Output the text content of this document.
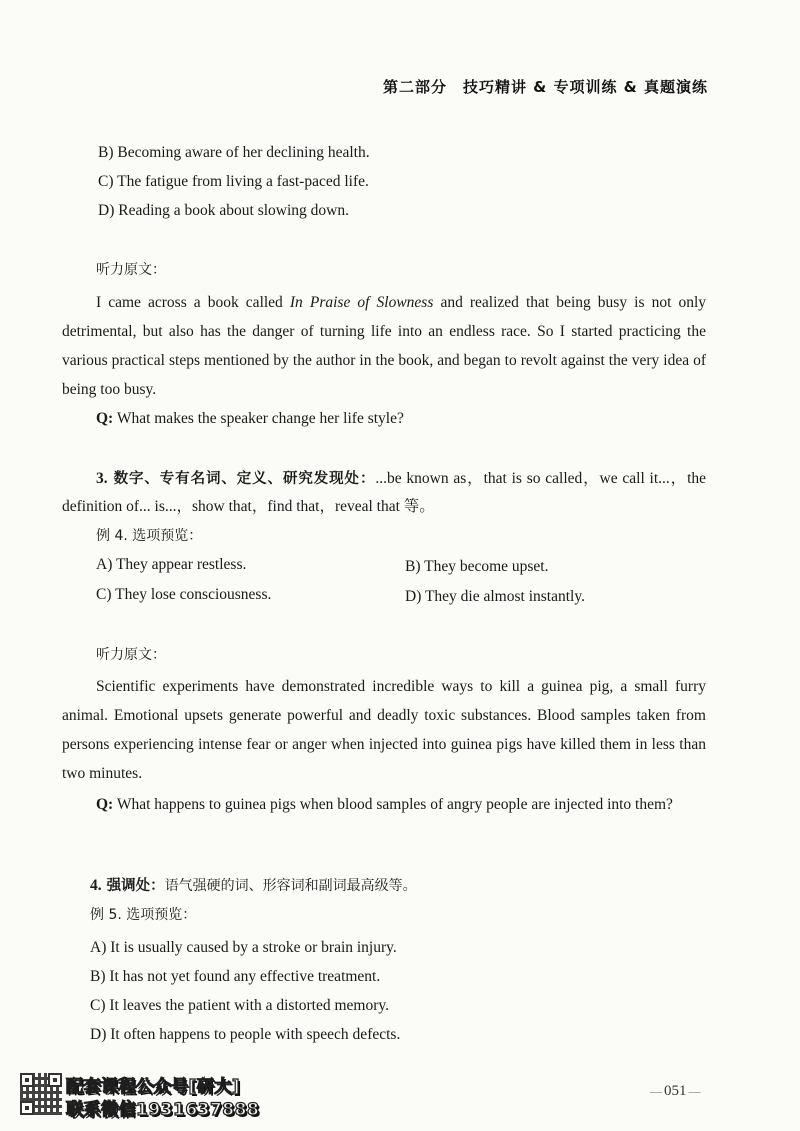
第二部分　技巧精讲 & 专项训练 & 真题演练
B) Becoming aware of her declining health.
C) The fatigue from living a fast-paced life.
D) Reading a book about slowing down.
听力原文：
I came across a book called In Praise of Slowness and realized that being busy is not only detrimental, but also has the danger of turning life into an endless race. So I started practicing the various practical steps mentioned by the author in the book, and began to revolt against the very idea of being too busy.
Q: What makes the speaker change her life style?
3. 数字、专有名词、定义、研究发现处：...be known as，that is so called，we call it...，the definition of... is...，show that，find that，reveal that 等。
例 4. 选项预览：
A) They appear restless.	B) They become upset.
C) They lose consciousness.	D) They die almost instantly.
听力原文：
Scientific experiments have demonstrated incredible ways to kill a guinea pig, a small furry animal. Emotional upsets generate powerful and deadly toxic substances. Blood samples taken from persons experiencing intense fear or anger when injected into guinea pigs have killed them in less than two minutes.
Q: What happens to guinea pigs when blood samples of angry people are injected into them?
4. 强调处：语气强硬的词、形容词和副词最高级等。
例 5. 选项预览：
A) It is usually caused by a stroke or brain injury.
B) It has not yet found any effective treatment.
C) It leaves the patient with a distorted memory.
D) It often happens to people with speech defects.
配套课程公众号[研大]
联系微信1931637888
— 051 —
